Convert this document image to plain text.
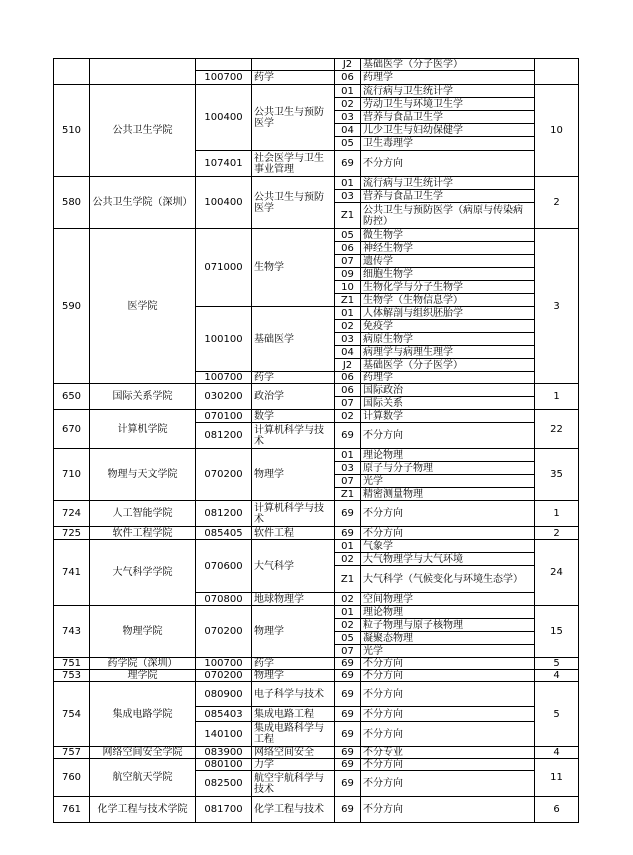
				J2	基础医学（分子医学）	
		100700	药学	06	药理学	
510	公共卫生学院	100400	公共卫生与预防医学	01	流行病与卫生统计学	10
				02	劳动卫生与环境卫生学	
				03	营养与食品卫生学	
				04	儿少卫生与妇幼保健学	
				05	卫生毒理学	
		107401	社会医学与卫生事业管理	69	不分方向	
580	公共卫生学院（深圳）	100400	公共卫生与预防医学	01	流行病与卫生统计学	2
				03	营养与食品卫生学	
				Z1	公共卫生与预防医学（病原与传染病防控）	
590	医学院	071000	生物学	05	微生物学	3
				06	神经生物学	
				07	遗传学	
				09	细胞生物学	
				10	生物化学与分子生物学	
				Z1	生物学（生物信息学）	
		100100	基础医学	01	人体解剖与组织胚胎学	
				02	免疫学	
				03	病原生物学	
				04	病理学与病理生理学	
				J2	基础医学（分子医学）	
		100700	药学	06	药理学	
650	国际关系学院	030200	政治学	06	国际政治	1
				07	国际关系	
670	计算机学院	070100	数学	02	计算数学	22
		081200	计算机科学与技术	69	不分方向	
710	物理与天文学院	070200	物理学	01	理论物理	35
				03	原子与分子物理	
				07	光学	
				Z1	精密测量物理	
724	人工智能学院	081200	计算机科学与技术	69	不分方向	1
725	软件工程学院	085405	软件工程	69	不分方向	2
741	大气科学学院	070600	大气科学	01	气象学	24
				02	大气物理学与大气环境	
				Z1	大气科学（气候变化与环境生态学）	
		070800	地球物理学	02	空间物理学	
743	物理学院	070200	物理学	01	理论物理	15
				02	粒子物理与原子核物理	
				05	凝聚态物理	
				07	光学	
751	药学院（深圳）	100700	药学	69	不分方向	5
753	理学院	070200	物理学	69	不分方向	4
754	集成电路学院	080900	电子科学与技术	69	不分方向	5
		085403	集成电路工程	69	不分方向	
		140100	集成电路科学与工程	69	不分方向	
757	网络空间安全学院	083900	网络空间安全	69	不分专业	4
760	航空航天学院	080100	力学	69	不分方向	11
		082500	航空宇航科学与技术	69	不分方向	
761	化学工程与技术学院	081700	化学工程与技术	69	不分方向	6
